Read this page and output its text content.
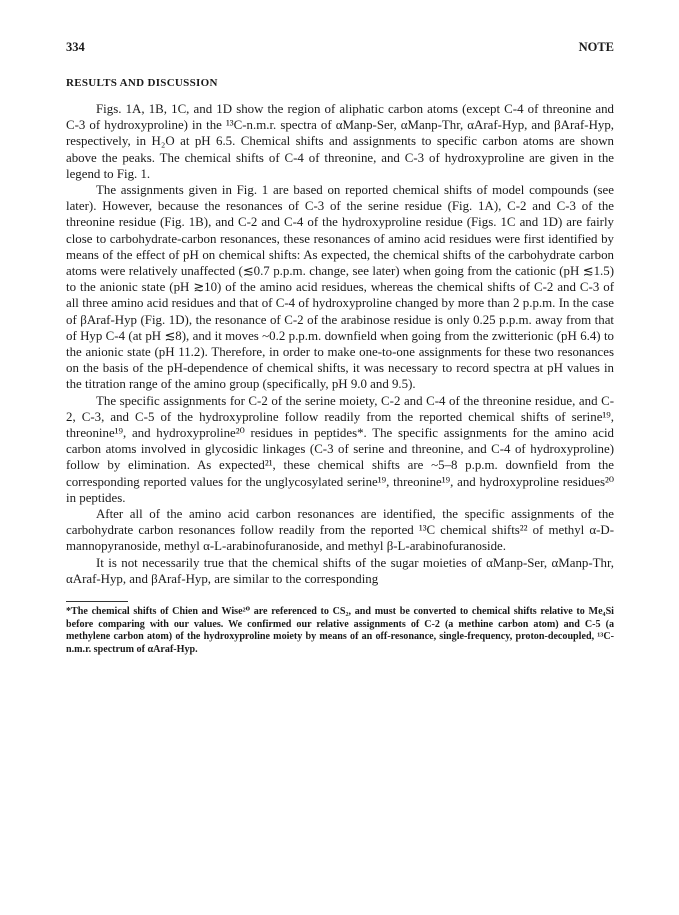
334	NOTE
RESULTS AND DISCUSSION

Figs. 1A, 1B, 1C, and 1D show the region of aliphatic carbon atoms (except C-4 of threonine and C-3 of hydroxyproline) in the ¹³C-n.m.r. spectra of αManp-Ser, αManp-Thr, αAraf-Hyp, and βAraf-Hyp, respectively, in H₂O at pH 6.5. Chemical shifts and assignments to specific carbon atoms are shown above the peaks. The chemical shifts of C-4 of threonine, and C-3 of hydroxyproline are given in the legend to Fig. 1.

The assignments given in Fig. 1 are based on reported chemical shifts of model compounds (see later). However, because the resonances of C-3 of the serine residue (Fig. 1A), C-2 and C-3 of the threonine residue (Fig. 1B), and C-2 and C-4 of the hydroxyproline residue (Figs. 1C and 1D) are fairly close to carbohydrate-carbon resonances, these resonances of amino acid residues were first identified by means of the effect of pH on chemical shifts: As expected, the chemical shifts of the carbohydrate carbon atoms were relatively unaffected (≲0.7 p.p.m. change, see later) when going from the cationic (pH ≲1.5) to the anionic state (pH ≳10) of the amino acid residues, whereas the chemical shifts of C-2 and C-3 of all three amino acid residues and that of C-4 of hydroxyproline changed by more than 2 p.p.m. In the case of βAraf-Hyp (Fig. 1D), the resonance of C-2 of the arabinose residue is only 0.25 p.p.m. away from that of Hyp C-4 (at pH ≲8), and it moves ~0.2 p.p.m. downfield when going from the zwitterionic (pH 6.4) to the anionic state (pH 11.2). Therefore, in order to make one-to-one assignments for these two resonances on the basis of the pH-dependence of chemical shifts, it was necessary to record spectra at pH values in the titration range of the amino group (specifically, pH 9.0 and 9.5).

The specific assignments for C-2 of the serine moiety, C-2 and C-4 of the threonine residue, and C-2, C-3, and C-5 of the hydroxyproline follow readily from the reported chemical shifts of serine¹⁹, threonine¹⁹, and hydroxyproline²⁰ residues in peptides*. The specific assignments for the amino acid carbon atoms involved in glycosidic linkages (C-3 of serine and threonine, and C-4 of hydroxyproline) follow by elimination. As expected²¹, these chemical shifts are ~5–8 p.p.m. downfield from the corresponding reported values for the unglycosylated serine¹⁹, threonine¹⁹, and hydroxyproline residues²⁰ in peptides.

After all of the amino acid carbon resonances are identified, the specific assignments of the carbohydrate carbon resonances follow readily from the reported ¹³C chemical shifts²² of methyl α-D-mannopyranoside, methyl α-L-arabinofuranoside, and methyl β-L-arabinofuranoside.

It is not necessarily true that the chemical shifts of the sugar moieties of αManp-Ser, αManp-Thr, αAraf-Hyp, and βAraf-Hyp, are similar to the corresponding

*The chemical shifts of Chien and Wise²⁰ are referenced to CS₂, and must be converted to chemical shifts relative to Me₄Si before comparing with our values. We confirmed our relative assignments of C-2 (a methine carbon atom) and C-5 (a methylene carbon atom) of the hydroxyproline moiety by means of an off-resonance, single-frequency, proton-decoupled, ¹³C-n.m.r. spectrum of αAraf-Hyp.
